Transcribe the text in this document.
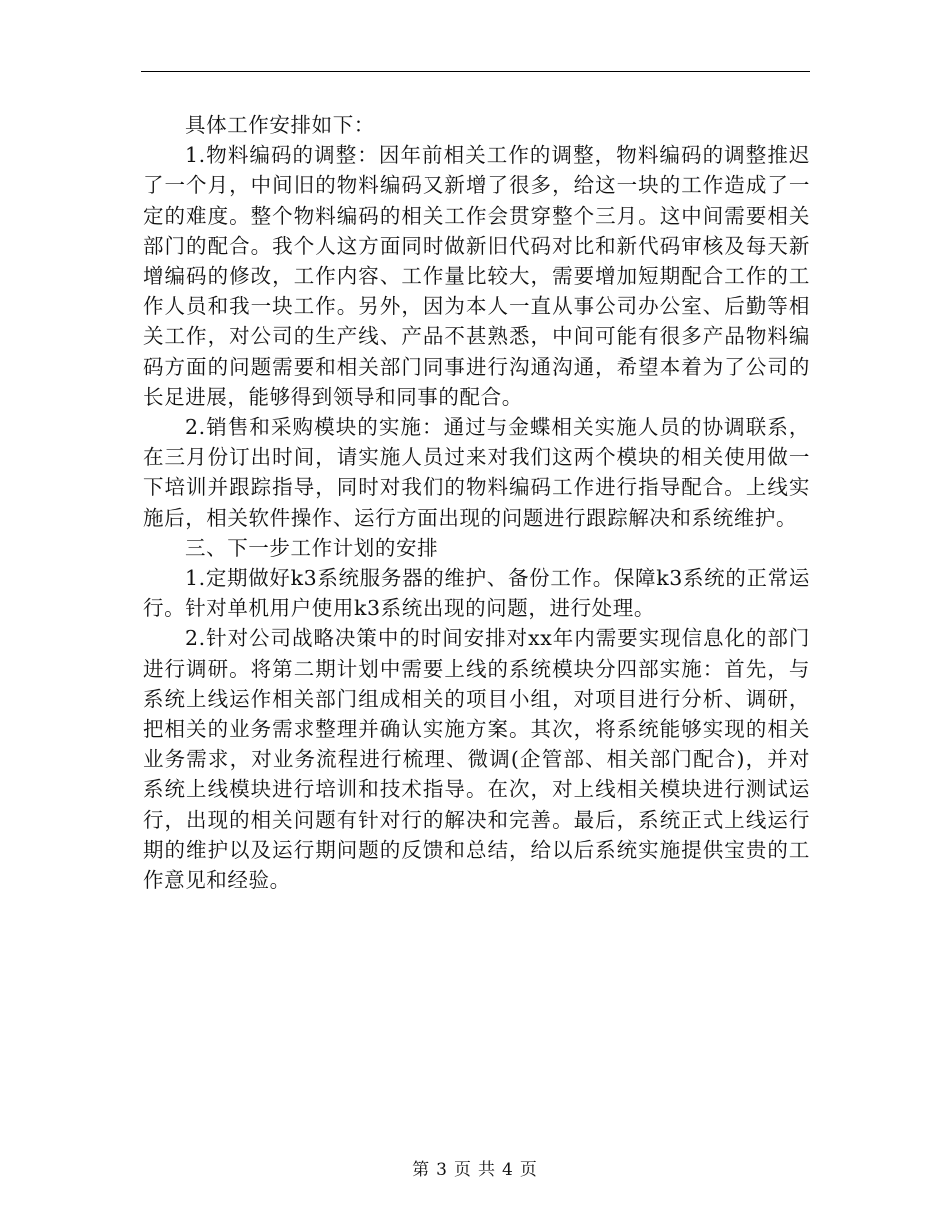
具体工作安排如下：

1.物料编码的调整：因年前相关工作的调整，物料编码的调整推迟了一个月，中间旧的物料编码又新增了很多，给这一块的工作造成了一定的难度。整个物料编码的相关工作会贯穿整个三月。这中间需要相关部门的配合。我个人这方面同时做新旧代码对比和新代码审核及每天新增编码的修改，工作内容、工作量比较大，需要增加短期配合工作的工作人员和我一块工作。另外，因为本人一直从事公司办公室、后勤等相关工作，对公司的生产线、产品不甚熟悉，中间可能有很多产品物料编码方面的问题需要和相关部门同事进行沟通沟通，希望本着为了公司的长足进展，能够得到领导和同事的配合。

2.销售和采购模块的实施：通过与金蝶相关实施人员的协调联系，在三月份订出时间，请实施人员过来对我们这两个模块的相关使用做一下培训并跟踪指导，同时对我们的物料编码工作进行指导配合。上线实施后，相关软件操作、运行方面出现的问题进行跟踪解决和系统维护。

三、下一步工作计划的安排

1.定期做好k3系统服务器的维护、备份工作。保障k3系统的正常运行。针对单机用户使用k3系统出现的问题，进行处理。

2.针对公司战略决策中的时间安排对xx年内需要实现信息化的部门进行调研。将第二期计划中需要上线的系统模块分四部实施：首先，与系统上线运作相关部门组成相关的项目小组，对项目进行分析、调研，把相关的业务需求整理并确认实施方案。其次，将系统能够实现的相关业务需求，对业务流程进行梳理、微调(企管部、相关部门配合)，并对系统上线模块进行培训和技术指导。在次，对上线相关模块进行测试运行，出现的相关问题有针对行的解决和完善。最后，系统正式上线运行期的维护以及运行期问题的反馈和总结，给以后系统实施提供宝贵的工作意见和经验。

第 3 页 共 4 页
